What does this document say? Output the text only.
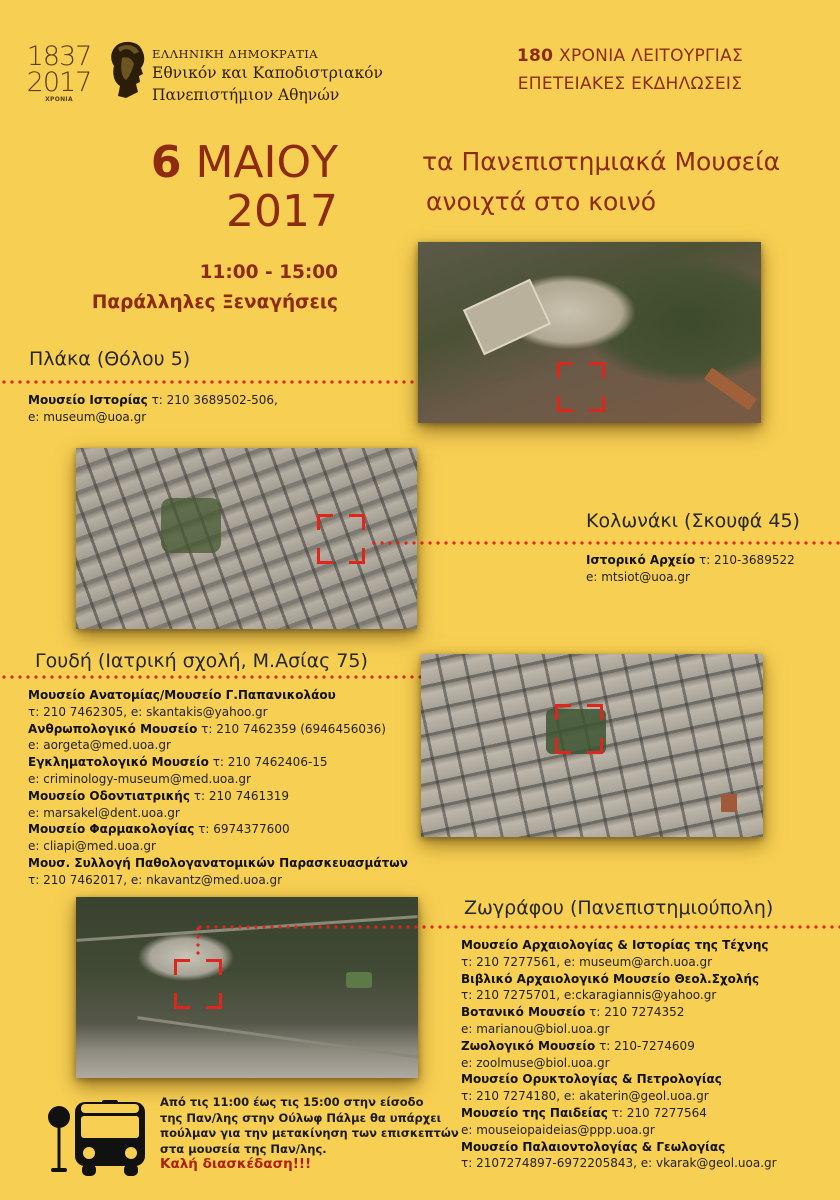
1837
2017
ΧΡΟΝΙΑ
ΕΛΛΗΝΙΚΗ ΔΗΜΟΚΡΑΤΙΑ
Εθνικόν και Καποδιστριακόν
Πανεπιστήμιον Αθηνών
180 ΧΡΟΝΙΑ ΛΕΙΤΟΥΡΓΙΑΣ
ΕΠΕΤΕΙΑΚΕΣ ΕΚΔΗΛΩΣΕΙΣ
τα Πανεπιστημιακά Μουσεία
ανοιχτά στο κοινό
6 ΜΑΙΟΥ
2017
11:00 - 15:00
Παράλληλες Ξεναγήσεις
Πλάκα (Θόλου 5)
Μουσείο Ιστορίας τ: 210 3689502-506,
e: museum@uoa.gr
Κολωνάκι (Σκουφά 45)
Ιστορικό Αρχείο τ: 210-3689522
e: mtsiot@uoa.gr
Γουδή (Ιατρική σχολή, Μ.Ασίας 75)
Μουσείο Ανατομίας/Μουσείο Γ.Παπανικολάου
τ: 210 7462305, e: skantakis@yahoo.gr
Ανθρωπολογικό Μουσείο τ: 210 7462359 (6946456036)
e: aorgeta@med.uoa.gr
Εγκληματολογικό Μουσείο τ: 210 7462406-15
e: criminology-museum@med.uoa.gr
Μουσείο Οδοντιατρικής τ: 210 7461319
e: marsakel@dent.uoa.gr
Μουσείο Φαρμακολογίας τ: 6974377600
e: cliapi@med.uoa.gr
Μουσ. Συλλογή Παθολογανατομικών Παρασκευασμάτων
τ: 210 7462017, e: nkavantz@med.uoa.gr
Ζωγράφου (Πανεπιστημιούπολη)
Μουσείο Αρχαιολογίας & Ιστορίας της Τέχνης
τ: 210 7277561, e: museum@arch.uoa.gr
Βιβλικό Αρχαιολογικό Μουσείο Θεολ.Σχολής
τ: 210 7275701, e:ckaragiannis@yahoo.gr
Βοτανικό Μουσείο τ: 210 7274352
e: marianou@biol.uoa.gr
Ζωολογικό Μουσείο τ: 210-7274609
e: zoolmuse@biol.uoa.gr
Μουσείο Ορυκτολογίας & Πετρολογίας
τ: 210 7274180, e: akaterin@geol.uoa.gr
Μουσείο της Παιδείας τ: 210 7277564
e: mouseiopaideias@ppp.uoa.gr
Μουσείο Παλαιοντολογίας & Γεωλογίας
τ: 2107274897-6972205843, e: vkarak@geol.uoa.gr
Από τις 11:00 έως τις 15:00 στην είσοδο
της Παν/λης στην Ούλωφ Πάλμε θα υπάρχει
πούλμαν για την μετακίνηση των επισκεπτών
στα μουσεία της Παν/λης.
Καλή διασκέδαση!!!
